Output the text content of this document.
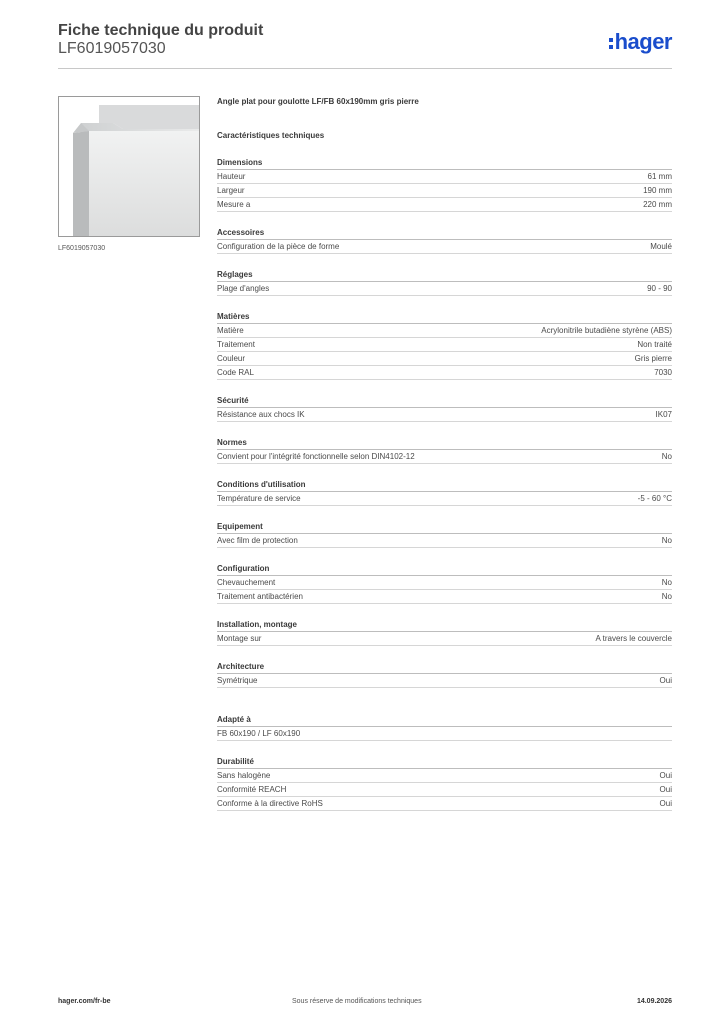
Fiche technique du produit
LF6019057030	hager
LF6019057030
Angle plat pour goulotte LF/FB 60x190mm gris pierre
Caractéristiques techniques
Dimensions
Hauteur	61 mm
Largeur	190 mm
Mesure a	220 mm
Accessoires
Configuration de la pièce de forme	Moulé
Réglages
Plage d'angles	90 - 90
Matières
Matière	Acrylonitrile butadiène styrène (ABS)
Traitement	Non traité
Couleur	Gris pierre
Code RAL	7030
Sécurité
Résistance aux chocs IK	IK07
Normes
Convient pour l'intégrité fonctionnelle selon DIN4102-12	No
Conditions d'utilisation
Température de service	-5 - 60 °C
Equipement
Avec film de protection	No
Configuration
Chevauchement	No
Traitement antibactérien	No
Installation, montage
Montage sur	A travers le couvercle
Architecture
Symétrique	Oui
Adapté à
FB 60x190 / LF 60x190
Durabilité
Sans halogène	Oui
Conformité REACH	Oui
Conforme à la directive RoHS	Oui
hager.com/fr-be	Sous réserve de modifications techniques	14.09.2026
